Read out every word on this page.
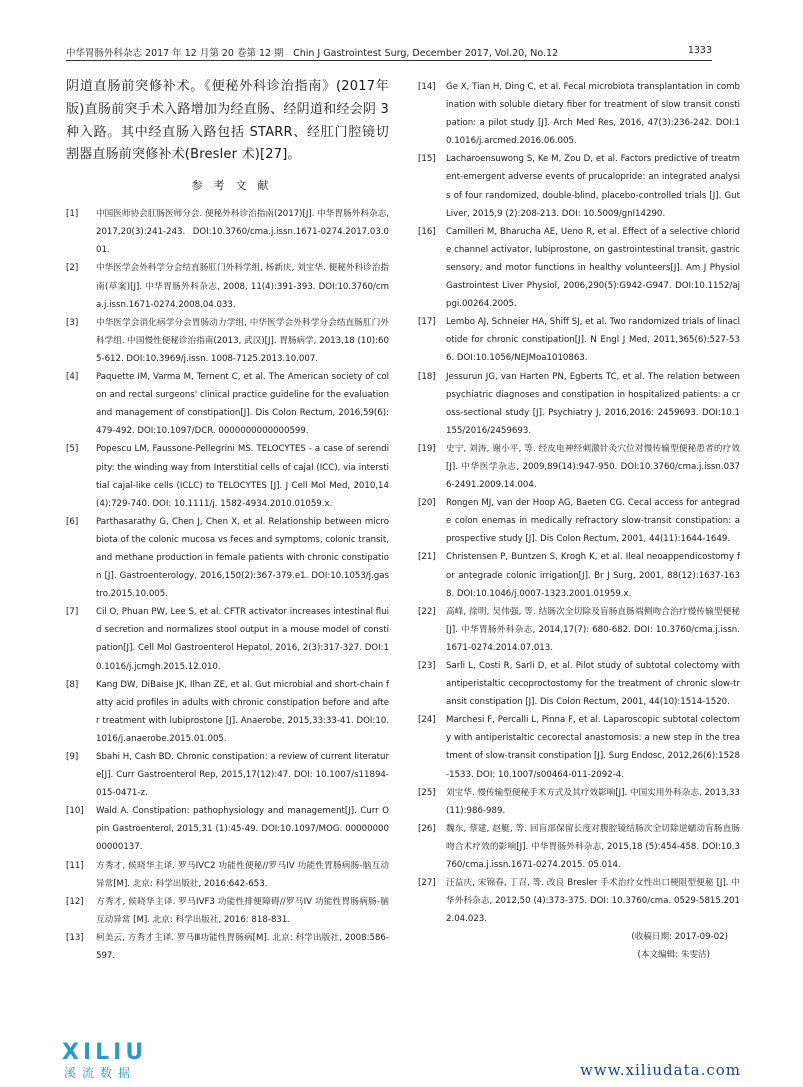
中华胃肠外科杂志 2017 年 12 月第 20 卷第 12 期　Chin J Gastrointest Surg, December 2017, Vol.20, No.12	1333
阴道直肠前突修补术。《便秘外科诊治指南》(2017年版)直肠前突手术入路增加为经直肠、经阴道和经会阴 3 种入路。其中经直肠入路包括 STARR、经肛门腔镜切割器直肠前突修补术(Bresler 术)[27]。
参考文献
[1] 中国医师协会肛肠医师分会. 便秘外科诊治指南(2017)[J]. 中华胃肠外科杂志, 2017,20(3):241-243. DOI:10.3760/cma.j.issn.1671-0274.2017.03.001.
[2] 中华医学会外科学分会结直肠肛门外科学组, 杨新庆, 刘宝华. 便秘外科诊治指南(草案)[J]. 中华胃肠外科杂志, 2008, 11(4):391-393. DOI:10.3760/cma.j.issn.1671-0274.2008.04.033.
[3] 中华医学会消化病学分会胃肠动力学组, 中华医学会外科学分会结直肠肛门外科学组. 中国慢性便秘诊治指南(2013, 武汉)[J]. 胃肠病学, 2013,18 (10):605-612. DOI:10.3969/j.issn. 1008-7125.2013.10.007.
[4] Paquette IM, Varma M, Ternent C, et al. The American society of colon and rectal surgeons' clinical practice guideline for the evaluation and management of constipation[J]. Dis Colon Rectum, 2016,59(6):479-492. DOI:10.1097/DCR. 0000000000000599.
[5] Popescu LM, Faussone-Pellegrini MS. TELOCYTES - a case of serendipity: the winding way from Interstitial cells of cajal (ICC), via interstitial cajal-like cells (ICLC) to TELOCYTES [J]. J Cell Mol Med, 2010,14(4):729-740. DOI: 10.1111/j. 1582-4934.2010.01059.x.
[6] Parthasarathy G, Chen J, Chen X, et al. Relationship between microbiota of the colonic mucosa vs feces and symptoms, colonic transit, and methane production in female patients with chronic constipation [J]. Gastroenterology, 2016,150(2):367-379.e1. DOI:10.1053/j.gastro.2015.10.005.
[7] Cil O, Phuan PW, Lee S, et al. CFTR activator increases intestinal fluid secretion and normalizes stool output in a mouse model of constipation[J]. Cell Mol Gastroenterol Hepatol, 2016, 2(3):317-327. DOI:10.1016/j.jcmgh.2015.12.010.
[8] Kang DW, DiBaise JK, Ilhan ZE, et al. Gut microbial and short-chain fatty acid profiles in adults with chronic constipation before and after treatment with lubiprostone [J]. Anaerobe, 2015,33:33-41. DOI:10.1016/j.anaerobe.2015.01.005.
[9] Sbahi H, Cash BD. Chronic constipation: a review of current literature[J]. Curr Gastroenterol Rep, 2015,17(12):47. DOI: 10.1007/s11894-015-0471-z.
[10] Wald A. Constipation: pathophysiology and management[J]. Curr Opin Gastroenterol, 2015,31 (1):45-49. DOI:10.1097/MOG. 0000000000000137.
[11] 方秀才, 候晓华主译. 罗马IVC2 功能性便秘//罗马IV 功能性胃肠病肠-脑互动异常[M]. 北京: 科学出版社, 2016:642-653.
[12] 方秀才, 候晓华主译. 罗马IVF3 功能性排便障碍//罗马IV 功能性胃肠病肠-脑互动异常 [M]. 北京: 科学出版社, 2016: 818-831.
[13] 柯美云, 方秀才主译. 罗马Ⅲ功能性胃肠病[M]. 北京: 科学出版社, 2008:586-597.
[14] Ge X, Tian H, Ding C, et al. Fecal microbiota transplantation in combination with soluble dietary fiber for treatment of slow transit constipation: a pilot study [J]. Arch Med Res, 2016, 47(3):236-242. DOI:10.1016/j.arcmed.2016.06.005.
[15] Lacharoensuwong S, Ke M, Zou D, et al. Factors predictive of treatment-emergent adverse events of prucalopride: an integrated analysis of four randomized, double-blind, placebo-controlled trials [J]. Gut Liver, 2015,9 (2):208-213. DOI: 10.5009/gnl14290.
[16] Camilleri M, Bharucha AE, Ueno R, et al. Effect of a selective chloride channel activator, lubiprostone, on gastrointestinal transit, gastric sensory, and motor functions in healthy volunteers[J]. Am J Physiol Gastrointest Liver Physiol, 2006,290(5):G942-G947. DOI:10.1152/ajpgi.00264.2005.
[17] Lembo AJ, Schneier HA, Shiff SJ, et al. Two randomized trials of linaclotide for chronic constipation[J]. N Engl J Med, 2011,365(6):527-536. DOI:10.1056/NEJMoa1010863.
[18] Jessurun JG, van Harten PN, Egberts TC, et al. The relation between psychiatric diagnoses and constipation in hospitalized patients: a cross-sectional study [J]. Psychiatry J, 2016,2016: 2459693. DOI:10.1155/2016/2459693.
[19] 史宁, 刘涛, 谢小平, 等. 经皮电神经刺激针灸穴位对慢传输型便秘患者的疗效[J]. 中华医学杂志, 2009,89(14):947-950. DOI:10.3760/cma.j.issn.0376-2491.2009.14.004.
[20] Rongen MJ, van der Hoop AG, Baeten CG. Cecal access for antegrade colon enemas in medically refractory slow-transit constipation: a prospective study [J]. Dis Colon Rectum, 2001, 44(11):1644-1649.
[21] Christensen P, Buntzen S, Krogh K, et al. Ileal neoappendicostomy for antegrade colonic irrigation[J]. Br J Surg, 2001, 88(12):1637-1638. DOI:10.1046/j.0007-1323.2001.01959.x.
[22] 高峰, 徐明, 吴伟强, 等. 结肠次全切除及盲肠直肠端侧吻合治疗慢传输型便秘 [J]. 中华胃肠外科杂志, 2014,17(7): 680-682. DOI: 10.3760/cma.j.issn.1671-0274.2014.07.013.
[23] Sarli L, Costi R, Sarli D, et al. Pilot study of subtotal colectomy with antiperistaltic cecoproctostomy for the treatment of chronic slow-transit constipation [J]. Dis Colon Rectum, 2001, 44(10):1514-1520.
[24] Marchesi F, Percalli L, Pinna F, et al. Laparoscopic subtotal colectomy with antiperistaltic cecorectal anastomosis: a new step in the treatment of slow-transit constipation [J]. Surg Endosc, 2012,26(6):1528-1533. DOI: 10.1007/s00464-011-2092-4.
[25] 刘宝华. 慢传输型便秘手术方式及其疗效影响[J]. 中国实用外科杂志, 2013,33(11):986-989.
[26] 魏东, 蔡建, 赵艇, 等. 回盲部保留长度对腹腔镜结肠次全切除逆蠕动盲肠直肠吻合术疗效的影响[J]. 中华胃肠外科杂志, 2015,18 (5):454-458. DOI:10.3760/cma.j.issn.1671-0274.2015. 05.014.
[27] 汪益庆, 宋锦春, 丁召, 等. 改良 Bresler 手术治疗女性出口梗阻型便秘 [J]. 中华外科杂志, 2012,50 (4):373-375. DOI: 10.3760/cma. 0529-5815.2012.04.023.
(收稿日期: 2017-09-02)
(本文编辑: 朱雯洁)
XILIU
溪流数据	www.xiliudata.com
